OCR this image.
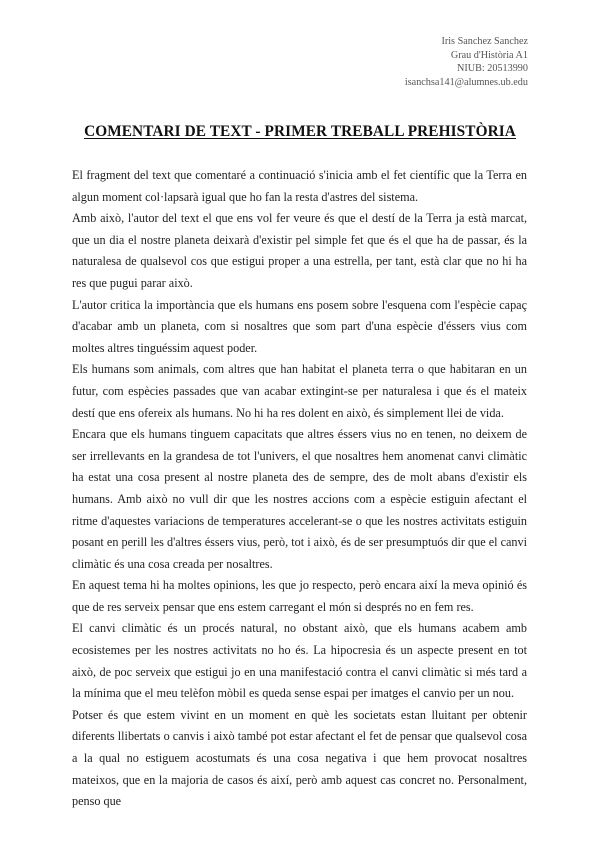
Iris Sanchez Sanchez
Grau d'Història A1
NIUB: 20513990
isanchsa141@alumnes.ub.edu
COMENTARI DE TEXT - PRIMER TREBALL PREHISTÒRIA

El fragment del text que comentaré a continuació s'inicia amb el fet científic que la Terra en algun moment col·lapsarà igual que ho fan la resta d'astres del sistema.

Amb això, l'autor del text el que ens vol fer veure és que el destí de la Terra ja està marcat, que un dia el nostre planeta deixarà d'existir pel simple fet que és el que ha de passar, és la naturalesa de qualsevol cos que estigui proper a una estrella, per tant, està clar que no hi ha res que pugui parar això.

L'autor critica la importància que els humans ens posem sobre l'esquena com l'espècie capaç d'acabar amb un planeta, com si nosaltres que som part d'una espècie d'éssers vius com moltes altres tinguéssim aquest poder.

Els humans som animals, com altres que han habitat el planeta terra o que habitaran en un futur, com espècies passades que van acabar extingint-se per naturalesa i que és el mateix destí que ens ofereix als humans. No hi ha res dolent en això, és simplement llei de vida.

Encara que els humans tinguem capacitats que altres éssers vius no en tenen, no deixem de ser irrellevants en la grandesa de tot l'univers, el que nosaltres hem anomenat canvi climàtic ha estat una cosa present al nostre planeta des de sempre, des de molt abans d'existir els humans. Amb això no vull dir que les nostres accions com a espècie estiguin afectant el ritme d'aquestes variacions de temperatures accelerant-se o que les nostres activitats estiguin posant en perill les d'altres éssers vius, però, tot i això, és de ser presumptuós dir que el canvi climàtic és una cosa creada per nosaltres.

En aquest tema hi ha moltes opinions, les que jo respecto, però encara així la meva opinió és que de res serveix pensar que ens estem carregant el món si després no en fem res.

El canvi climàtic és un procés natural, no obstant això, que els humans acabem amb ecosistemes per les nostres activitats no ho és. La hipocresia és un aspecte present en tot això, de poc serveix que estigui jo en una manifestació contra el canvi climàtic si més tard a la mínima que el meu telèfon mòbil es queda sense espai per imatges el canvio per un nou.

Potser és que estem vivint en un moment en què les societats estan lluitant per obtenir diferents llibertats o canvis i això també pot estar afectant el fet de pensar que qualsevol cosa a la qual no estiguem acostumats és una cosa negativa i que hem provocat nosaltres mateixos, que en la majoria de casos és així, però amb aquest cas concret no. Personalment, penso que
